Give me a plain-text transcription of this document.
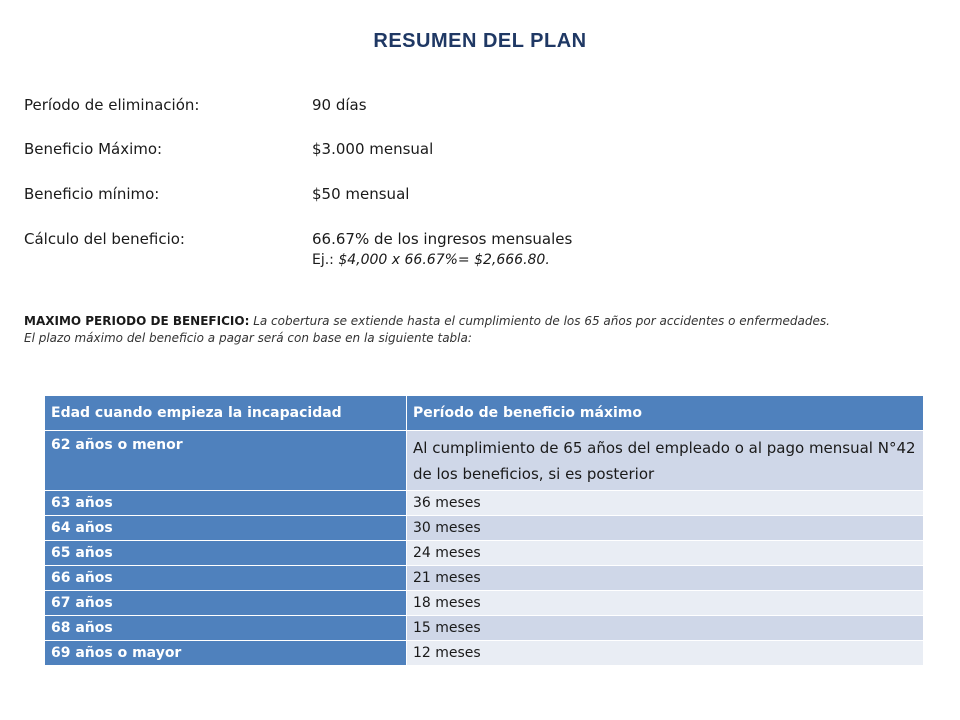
RESUMEN DEL PLAN
Período de eliminación:	90 días
Beneficio Máximo:	$3.000 mensual
Beneficio mínimo:	$50 mensual
Cálculo del beneficio:	66.67% de los ingresos mensuales
Ej.: $4,000 x 66.67%= $2,666.80.
MAXIMO PERIODO DE BENEFICIO: La cobertura se extiende hasta el cumplimiento de los 65 años por accidentes o enfermedades. El plazo máximo del beneficio a pagar será con base en la siguiente tabla:
Edad cuando empieza la incapacidad	Período de beneficio máximo
62 años o menor	Al cumplimiento de 65 años del empleado o al pago mensual N°42 de los beneficios, si es posterior
63 años	36 meses
64 años	30 meses
65 años	24 meses
66 años	21 meses
67 años	18 meses
68 años	15 meses
69 años o mayor	12 meses
